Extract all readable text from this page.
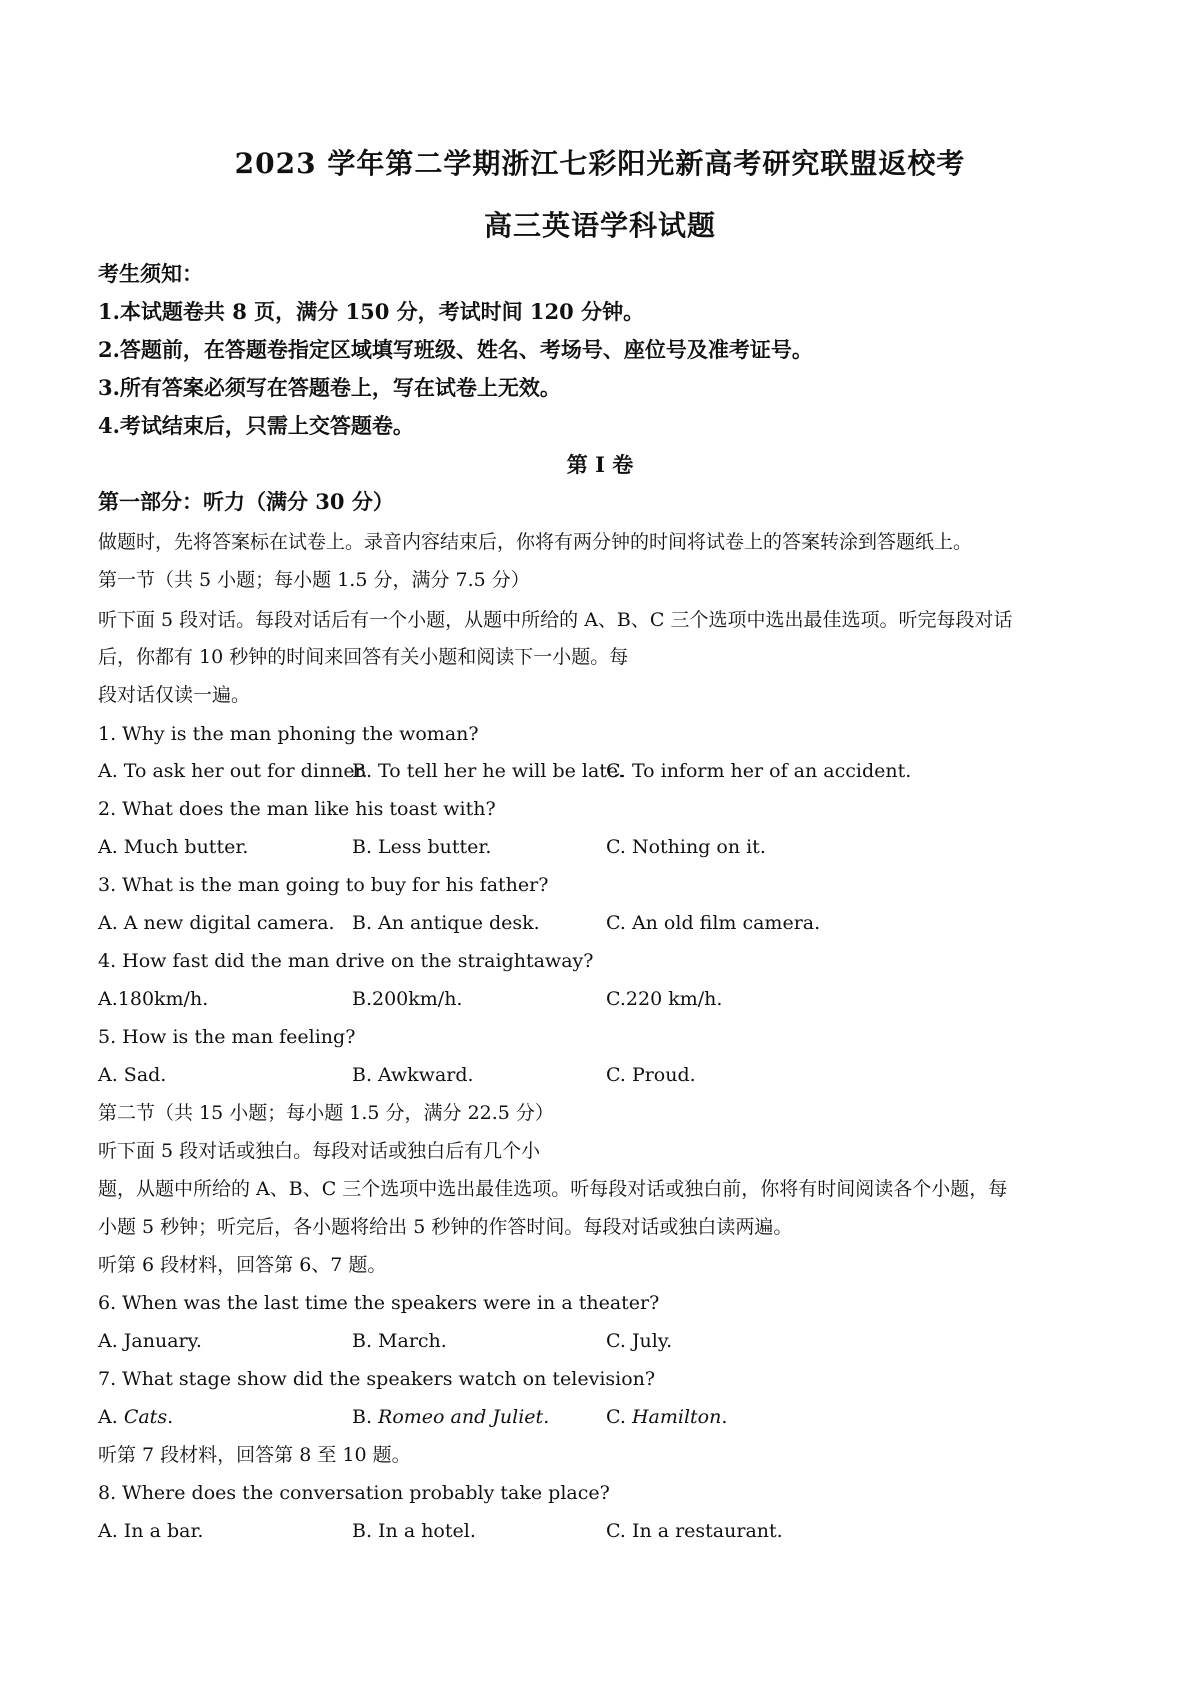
2023 学年第二学期浙江七彩阳光新高考研究联盟返校考
高三英语学科试题
考生须知：
1.本试题卷共 8 页，满分 150 分，考试时间 120 分钟。
2.答题前，在答题卷指定区域填写班级、姓名、考场号、座位号及准考证号。
3.所有答案必须写在答题卷上，写在试卷上无效。
4.考试结束后，只需上交答题卷。
第 I 卷
第一部分：听力（满分 30 分）
做题时，先将答案标在试卷上。录音内容结束后，你将有两分钟的时间将试卷上的答案转涂到答题纸上。
第一节（共 5 小题；每小题 1.5 分，满分 7.5 分）
听下面 5 段对话。每段对话后有一个小题，从题中所给的 A、B、C 三个选项中选出最佳选项。听完每段对话
后，你都有 10 秒钟的时间来回答有关小题和阅读下一小题。每
段对话仅读一遍。
1. Why is the man phoning the woman?
A. To ask her out for dinner.
B. To tell her he will be late.
C. To inform her of an accident.
2. What does the man like his toast with?
A. Much butter.	B. Less butter.	C. Nothing on it.
3. What is the man going to buy for his father?
A. A new digital camera. B. An antique desk.	C. An old film camera.
4. How fast did the man drive on the straightaway?
A.180km/h.	B.200km/h.	C.220 km/h.
5. How is the man feeling?
A. Sad.	B. Awkward.	C. Proud.
第二节（共 15 小题；每小题 1.5 分，满分 22.5 分）
听下面 5 段对话或独白。每段对话或独白后有几个小
题，从题中所给的 A、B、C 三个选项中选出最佳选项。听每段对话或独白前，你将有时间阅读各个小题，每
小题 5 秒钟；听完后，各小题将给出 5 秒钟的作答时间。每段对话或独白读两遍。
听第 6 段材料，回答第 6、7 题。
6. When was the last time the speakers were in a theater?
A. January.	B. March.	C. July.
7. What stage show did the speakers watch on television?
A. Cats.	B. Romeo and Juliet.	C. Hamilton.
听第 7 段材料，回答第 8 至 10 题。
8. Where does the conversation probably take place?
A. In a bar.	B. In a hotel.	C. In a restaurant.
